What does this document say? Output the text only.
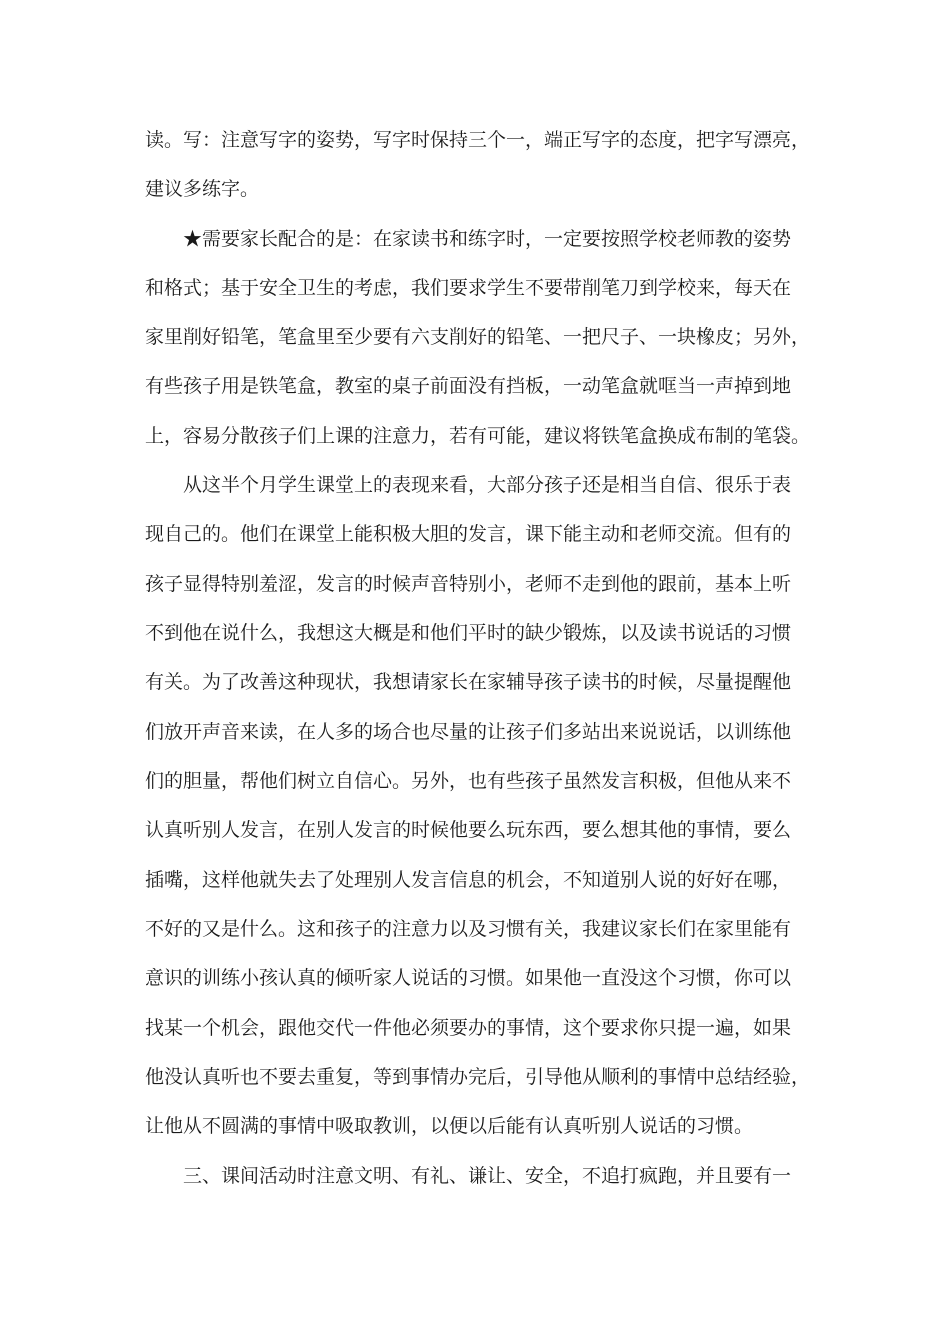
读。写：注意写字的姿势，写字时保持三个一，端正写字的态度，把字写漂亮，
建议多练字。
★需要家长配合的是：在家读书和练字时，一定要按照学校老师教的姿势
和格式；基于安全卫生的考虑，我们要求学生不要带削笔刀到学校来，每天在
家里削好铅笔，笔盒里至少要有六支削好的铅笔、一把尺子、一块橡皮；另外，
有些孩子用是铁笔盒，教室的桌子前面没有挡板，一动笔盒就哐当一声掉到地
上，容易分散孩子们上课的注意力，若有可能，建议将铁笔盒换成布制的笔袋。
从这半个月学生课堂上的表现来看，大部分孩子还是相当自信、很乐于表
现自己的。他们在课堂上能积极大胆的发言，课下能主动和老师交流。但有的
孩子显得特别羞涩，发言的时候声音特别小，老师不走到他的跟前，基本上听
不到他在说什么，我想这大概是和他们平时的缺少锻炼，以及读书说话的习惯
有关。为了改善这种现状，我想请家长在家辅导孩子读书的时候，尽量提醒他
们放开声音来读，在人多的场合也尽量的让孩子们多站出来说说话，以训练他
们的胆量，帮他们树立自信心。另外，也有些孩子虽然发言积极，但他从来不
认真听别人发言，在别人发言的时候他要么玩东西，要么想其他的事情，要么
插嘴，这样他就失去了处理别人发言信息的机会，不知道别人说的好好在哪，
不好的又是什么。这和孩子的注意力以及习惯有关，我建议家长们在家里能有
意识的训练小孩认真的倾听家人说话的习惯。如果他一直没这个习惯，你可以
找某一个机会，跟他交代一件他必须要办的事情，这个要求你只提一遍，如果
他没认真听也不要去重复，等到事情办完后，引导他从顺利的事情中总结经验，
让他从不圆满的事情中吸取教训，以便以后能有认真听别人说话的习惯。
三、课间活动时注意文明、有礼、谦让、安全，不追打疯跑，并且要有一
